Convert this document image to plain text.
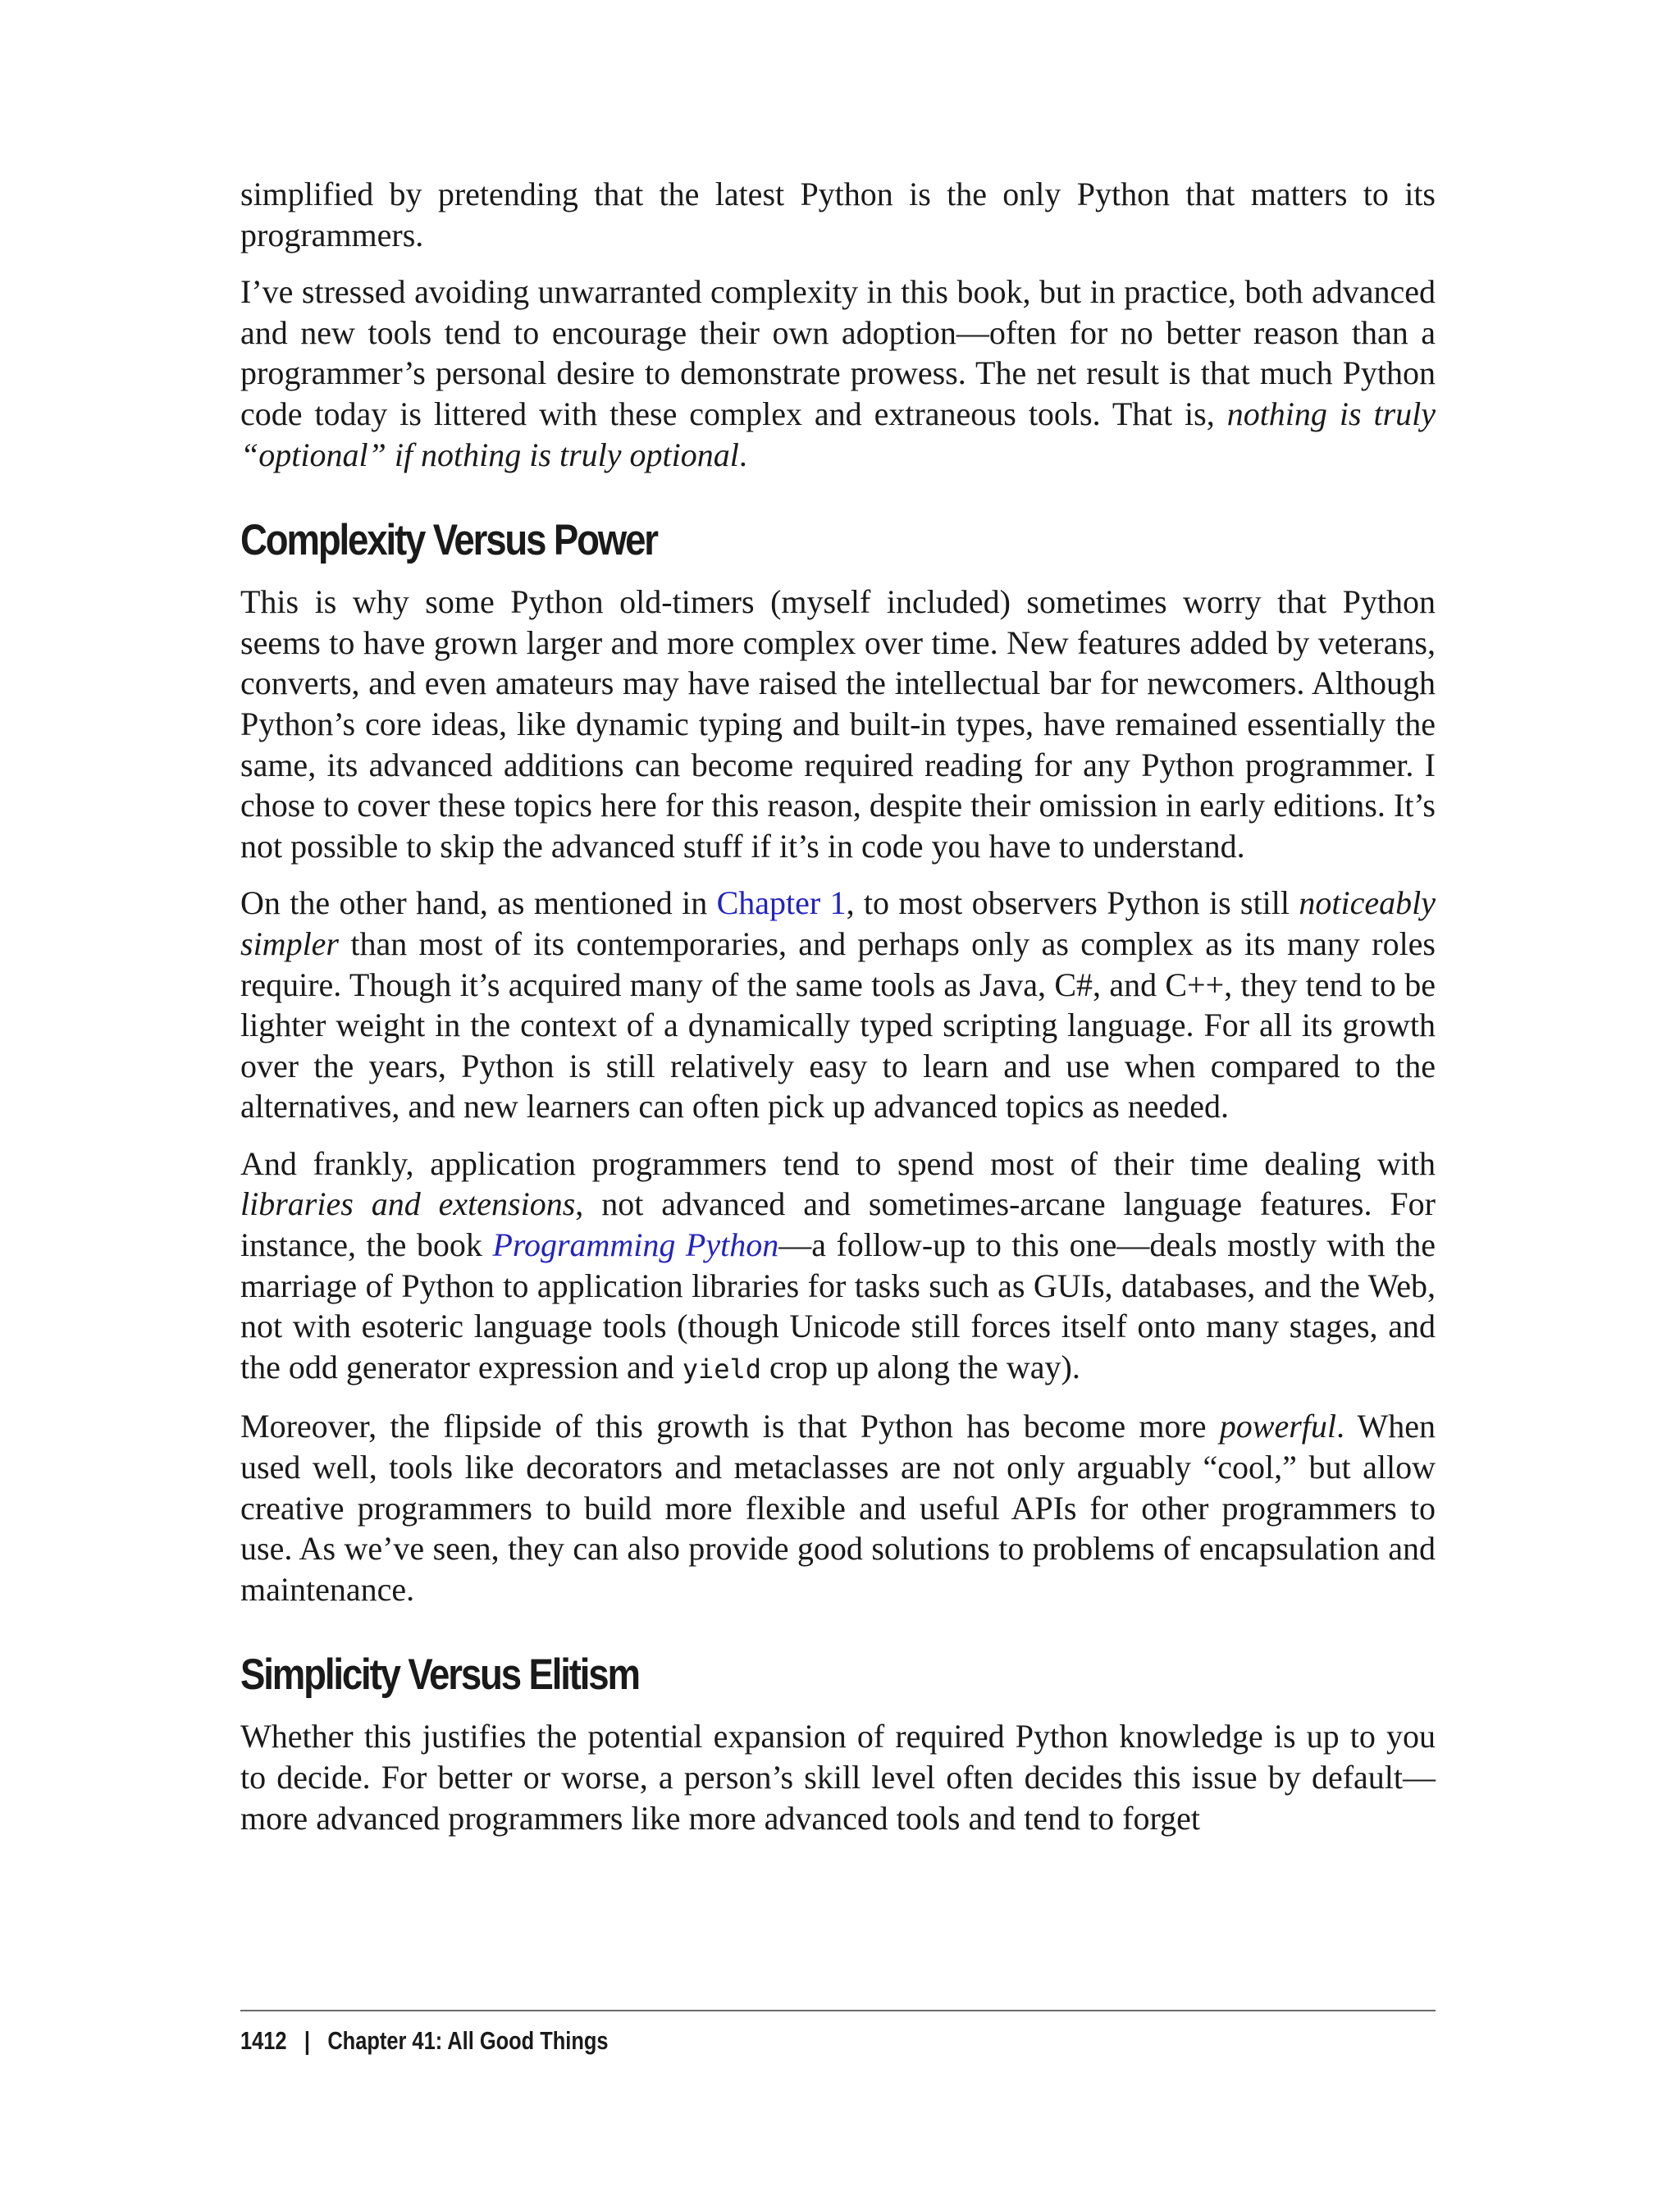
simplified by pretending that the latest Python is the only Python that matters to its programmers.

I’ve stressed avoiding unwarranted complexity in this book, but in practice, both advanced and new tools tend to encourage their own adoption—often for no better reason than a programmer’s personal desire to demonstrate prowess. The net result is that much Python code today is littered with these complex and extraneous tools. That is, nothing is truly “optional” if nothing is truly optional.

Complexity Versus Power

This is why some Python old-timers (myself included) sometimes worry that Python seems to have grown larger and more complex over time. New features added by veterans, converts, and even amateurs may have raised the intellectual bar for newcomers. Although Python’s core ideas, like dynamic typing and built-in types, have remained essentially the same, its advanced additions can become required reading for any Python programmer. I chose to cover these topics here for this reason, despite their omission in early editions. It’s not possible to skip the advanced stuff if it’s in code you have to understand.

On the other hand, as mentioned in Chapter 1, to most observers Python is still noticeably simpler than most of its contemporaries, and perhaps only as complex as its many roles require. Though it’s acquired many of the same tools as Java, C#, and C++, they tend to be lighter weight in the context of a dynamically typed scripting language. For all its growth over the years, Python is still relatively easy to learn and use when compared to the alternatives, and new learners can often pick up advanced topics as needed.

And frankly, application programmers tend to spend most of their time dealing with libraries and extensions, not advanced and sometimes-arcane language features. For instance, the book Programming Python—a follow-up to this one—deals mostly with the marriage of Python to application libraries for tasks such as GUIs, databases, and the Web, not with esoteric language tools (though Unicode still forces itself onto many stages, and the odd generator expression and yield crop up along the way).

Moreover, the flipside of this growth is that Python has become more powerful. When used well, tools like decorators and metaclasses are not only arguably “cool,” but allow creative programmers to build more flexible and useful APIs for other programmers to use. As we’ve seen, they can also provide good solutions to problems of encapsulation and maintenance.

Simplicity Versus Elitism

Whether this justifies the potential expansion of required Python knowledge is up to you to decide. For better or worse, a person’s skill level often decides this issue by default—more advanced programmers like more advanced tools and tend to forget

1412 | Chapter 41: All Good Things
